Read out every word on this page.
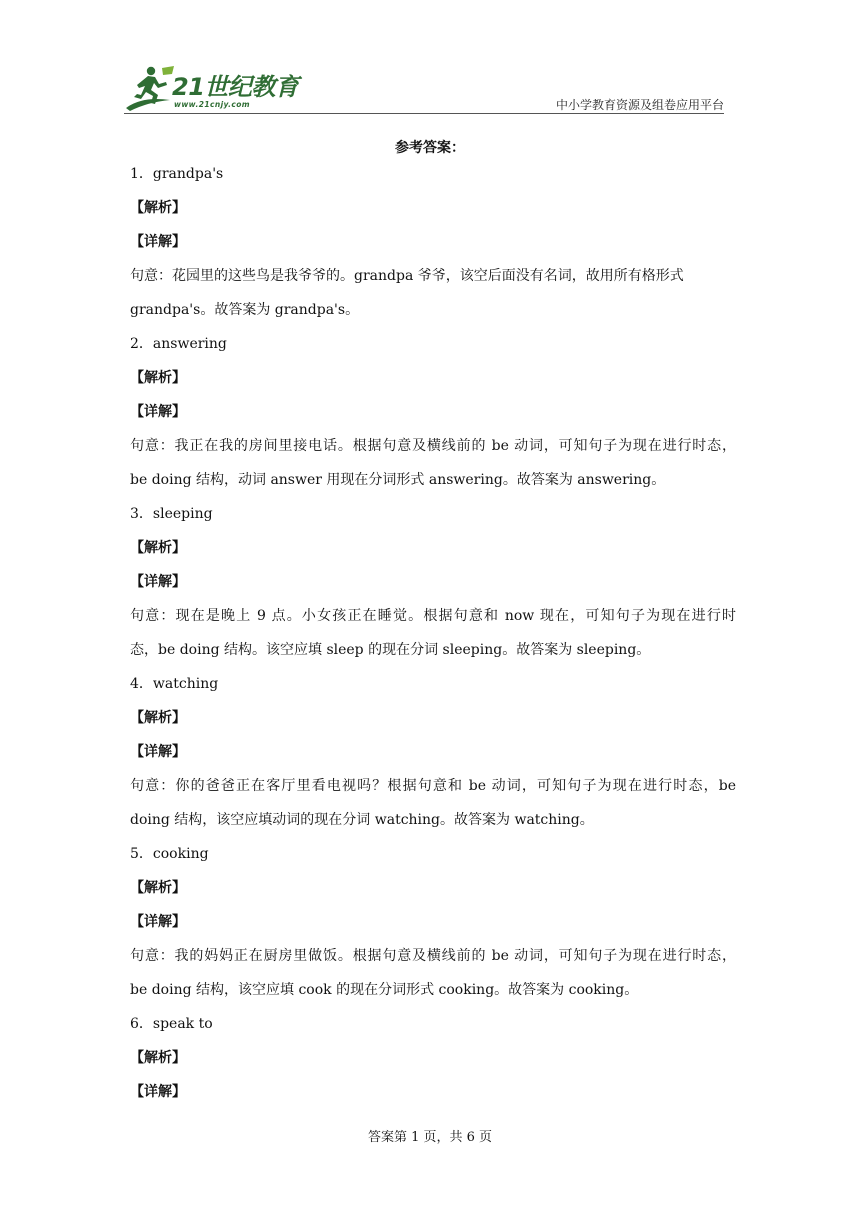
21世纪教育
www.21cnjy.com	中小学教育资源及组卷应用平台
参考答案：
1．grandpa's
【解析】
【详解】
句意：花园里的这些鸟是我爷爷的。grandpa 爷爷，该空后面没有名词，故用所有格形式
grandpa's。故答案为 grandpa's。
2．answering
【解析】
【详解】
句意：我正在我的房间里接电话。根据句意及横线前的 be 动词，可知句子为现在进行时态，
be doing 结构，动词 answer 用现在分词形式 answering。故答案为 answering。
3．sleeping
【解析】
【详解】
句意：现在是晚上 9 点。小女孩正在睡觉。根据句意和 now 现在，可知句子为现在进行时
态，be doing 结构。该空应填 sleep 的现在分词 sleeping。故答案为 sleeping。
4．watching
【解析】
【详解】
句意：你的爸爸正在客厅里看电视吗？根据句意和 be 动词，可知句子为现在进行时态，be
doing 结构，该空应填动词的现在分词 watching。故答案为 watching。
5．cooking
【解析】
【详解】
句意：我的妈妈正在厨房里做饭。根据句意及横线前的 be 动词，可知句子为现在进行时态，
be doing 结构，该空应填 cook 的现在分词形式 cooking。故答案为 cooking。
6．speak to
【解析】
【详解】
答案第 1 页，共 6 页
